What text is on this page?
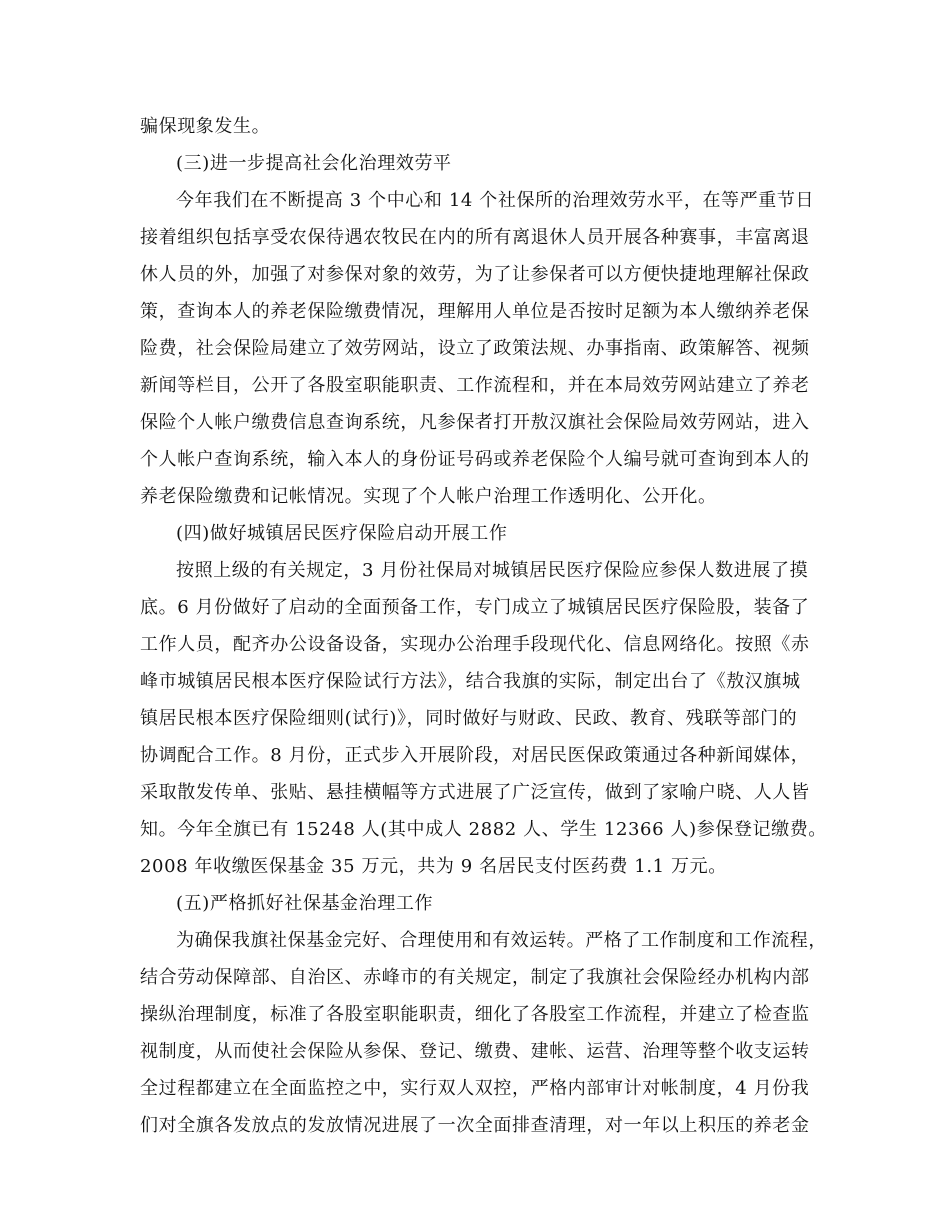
骗保现象发生。
(三)进一步提高社会化治理效劳平
今年我们在不断提高 3 个中心和 14 个社保所的治理效劳水平，在等严重节日
接着组织包括享受农保待遇农牧民在内的所有离退休人员开展各种赛事，丰富离退
休人员的外，加强了对参保对象的效劳，为了让参保者可以方便快捷地理解社保政
策，查询本人的养老保险缴费情况，理解用人单位是否按时足额为本人缴纳养老保
险费，社会保险局建立了效劳网站，设立了政策法规、办事指南、政策解答、视频
新闻等栏目，公开了各股室职能职责、工作流程和，并在本局效劳网站建立了养老
保险个人帐户缴费信息查询系统，凡参保者打开敖汉旗社会保险局效劳网站，进入
个人帐户查询系统，输入本人的身份证号码或养老保险个人编号就可查询到本人的
养老保险缴费和记帐情况。实现了个人帐户治理工作透明化、公开化。
(四)做好城镇居民医疗保险启动开展工作
按照上级的有关规定，3 月份社保局对城镇居民医疗保险应参保人数进展了摸
底。6 月份做好了启动的全面预备工作，专门成立了城镇居民医疗保险股，装备了
工作人员，配齐办公设备设备，实现办公治理手段现代化、信息网络化。按照《赤
峰市城镇居民根本医疗保险试行方法》，结合我旗的实际，制定出台了《敖汉旗城
镇居民根本医疗保险细则(试行)》，同时做好与财政、民政、教育、残联等部门的
协调配合工作。8 月份，正式步入开展阶段，对居民医保政策通过各种新闻媒体，
采取散发传单、张贴、悬挂横幅等方式进展了广泛宣传，做到了家喻户晓、人人皆
知。今年全旗已有 15248 人(其中成人 2882 人、学生 12366 人)参保登记缴费。
2008 年收缴医保基金 35 万元，共为 9 名居民支付医药费 1.1 万元。
(五)严格抓好社保基金治理工作
为确保我旗社保基金完好、合理使用和有效运转。严格了工作制度和工作流程，
结合劳动保障部、自治区、赤峰市的有关规定，制定了我旗社会保险经办机构内部
操纵治理制度，标准了各股室职能职责，细化了各股室工作流程，并建立了检查监
视制度，从而使社会保险从参保、登记、缴费、建帐、运营、治理等整个收支运转
全过程都建立在全面监控之中，实行双人双控，严格内部审计对帐制度，4 月份我
们对全旗各发放点的发放情况进展了一次全面排查清理，对一年以上积压的养老金
